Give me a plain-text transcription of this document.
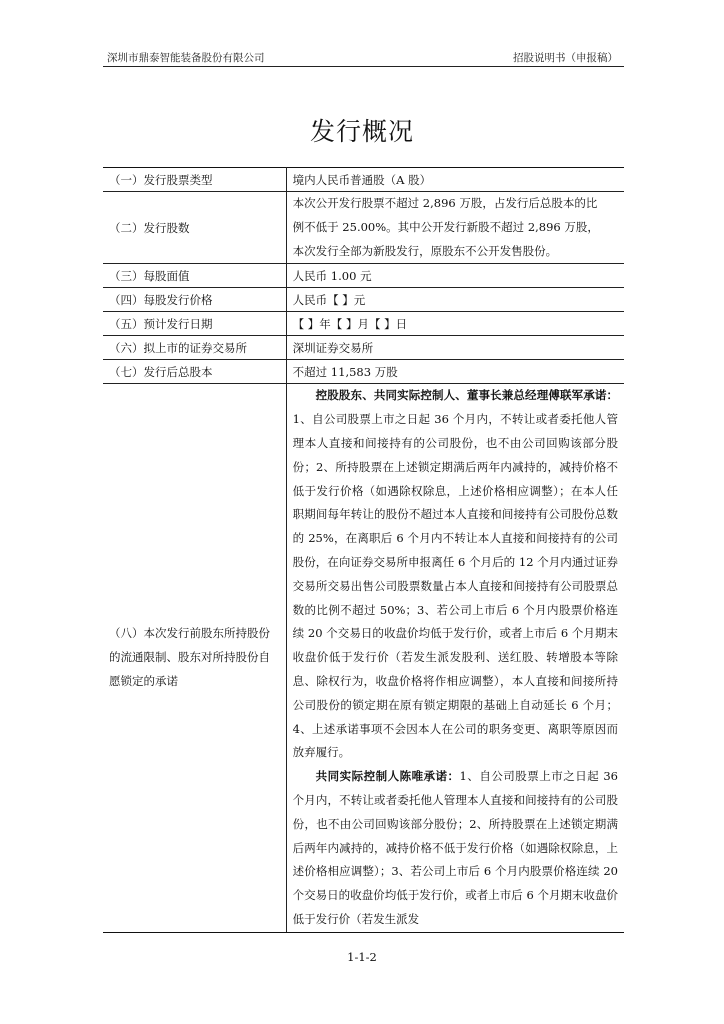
深圳市鼎泰智能装备股份有限公司	招股说明书（申报稿）
发行概况
（一）发行股票类型	境内人民币普通股（A 股）
（二）发行股数	本次公开发行股票不超过 2,896 万股，占发行后总股本的比
例不低于 25.00%。其中公开发行新股不超过 2,896 万股，
本次发行全部为新股发行，原股东不公开发售股份。

（三）每股面值	人民币 1.00 元
（四）每股发行价格	人民币【 】元
（五）预计发行日期	【 】年【 】月【 】日
（六）拟上市的证券交易所	深圳证券交易所
（七）发行后总股本	不超过 11,583 万股
（八）本次发行前股东所持股份的流通限制、股东对所持股份自愿锁定的承诺	控股股东、共同实际控制人、董事长兼总经理傅联军承诺：1、自公司股票上市之日起 36 个月内，不转让或者委托他人管理本人直接和间接持有的公司股份，也不由公司回购该部分股份；2、所持股票在上述锁定期满后两年内减持的，减持价格不低于发行价格（如遇除权除息，上述价格相应调整）；在本人任职期间每年转让的股份不超过本人直接和间接持有公司股份总数的 25%，在离职后 6 个月内不转让本人直接和间接持有的公司股份，在向证券交易所申报离任 6 个月后的 12 个月内通过证券交易所交易出售公司股票数量占本人直接和间接持有公司股票总数的比例不超过 50%；3、若公司上市后 6 个月内股票价格连续 20 个交易日的收盘价均低于发行价，或者上市后 6 个月期末收盘价低于发行价（若发生派发股利、送红股、转增股本等除息、除权行为，收盘价格将作相应调整），本人直接和间接所持公司股份的锁定期在原有锁定期限的基础上自动延长 6 个月；4、上述承诺事项不会因本人在公司的职务变更、离职等原因而放弃履行。

共同实际控制人陈唯承诺：1、自公司股票上市之日起 36 个月内，不转让或者委托他人管理本人直接和间接持有的公司股份，也不由公司回购该部分股份；2、所持股票在上述锁定期满后两年内减持的，减持价格不低于发行价格（如遇除权除息，上述价格相应调整）；3、若公司上市后 6 个月内股票价格连续 20 个交易日的收盘价均低于发行价，或者上市后 6 个月期末收盘价低于发行价（若发生派发

1-1-2
